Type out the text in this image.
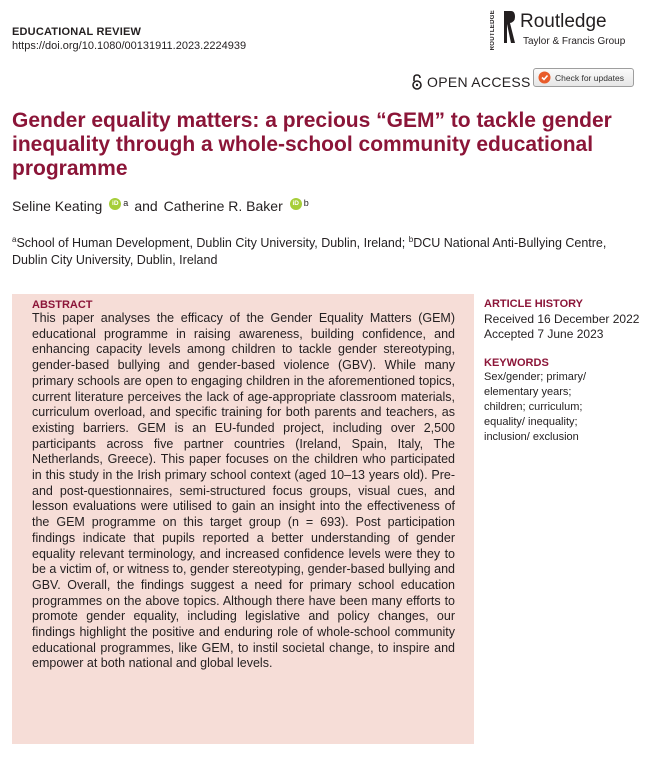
EDUCATIONAL REVIEW
https://doi.org/10.1080/00131911.2023.2224939	ROUTLEDGE Routledge
Taylor & Francis Group
OPEN ACCESS	Check for updates
Gender equality matters: a precious “GEM” to tackle gender inequality through a whole-school community educational programme
Seline Keating	iD a and Catherine R. Baker	iD b
$^a$School of Human Development, Dublin City University, Dublin, Ireland; $^b$DCU National Anti-Bullying Centre, Dublin City University, Dublin, Ireland
ABSTRACT

This paper analyses the efficacy of the Gender Equality Matters (GEM) educational programme in raising awareness, building confidence, and enhancing capacity levels among children to tackle gender stereotyping, gender-based bullying and gender-based violence (GBV). While many primary schools are open to engaging children in the aforementioned topics, current literature perceives the lack of age-appropriate classroom materials, curriculum overload, and specific training for both parents and teachers, as existing barriers. GEM is an EU-funded project, including over 2,500 participants across five partner countries (Ireland, Spain, Italy, The Netherlands, Greece). This paper focuses on the children who participated in this study in the Irish primary school context (aged 10–13 years old). Pre- and post-questionnaires, semi-structured focus groups, visual cues, and lesson evaluations were utilised to gain an insight into the effectiveness of the GEM programme on this target group (n = 693). Post participation findings indicate that pupils reported a better understanding of gender equality relevant terminology, and increased confidence levels were they to be a victim of, or witness to, gender stereotyping, gender-based bullying and GBV. Overall, the findings suggest a need for primary school education programmes on the above topics. Although there have been many efforts to promote gender equality, including legislative and policy changes, our findings highlight the positive and enduring role of whole-school community educational programmes, like GEM, to instil societal change, to inspire and empower at both national and global levels.

ARTICLE HISTORY
Received 16 December 2022
Accepted 7 June 2023
KEYWORDS
Sex/gender; primary/ elementary years; children; curriculum; equality/ inequality; inclusion/ exclusion
